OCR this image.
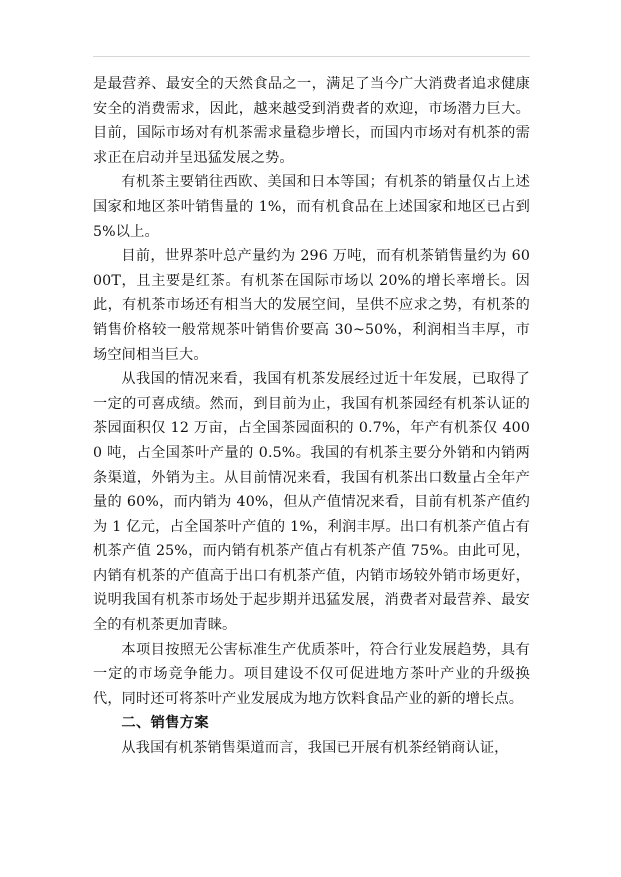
是最营养、最安全的天然食品之一，满足了当今广大消费者追求健康安全的消费需求，因此，越来越受到消费者的欢迎，市场潜力巨大。目前，国际市场对有机茶需求量稳步增长，而国内市场对有机茶的需求正在启动并呈迅猛发展之势。

有机茶主要销往西欧、美国和日本等国；有机茶的销量仅占上述国家和地区茶叶销售量的 1%，而有机食品在上述国家和地区已占到 5%以上。

目前，世界茶叶总产量约为 296 万吨，而有机茶销售量约为 6000T，且主要是红茶。有机茶在国际市场以 20%的增长率增长。因此，有机茶市场还有相当大的发展空间，呈供不应求之势，有机茶的销售价格较一般常规茶叶销售价要高 30~50%，利润相当丰厚，市场空间相当巨大。

从我国的情况来看，我国有机茶发展经过近十年发展，已取得了一定的可喜成绩。然而，到目前为止，我国有机茶园经有机茶认证的茶园面积仅 12 万亩，占全国茶园面积的 0.7%，年产有机茶仅 4000 吨，占全国茶叶产量的 0.5%。我国的有机茶主要分外销和内销两条渠道，外销为主。从目前情况来看，我国有机茶出口数量占全年产量的 60%，而内销为 40%，但从产值情况来看，目前有机茶产值约为 1 亿元，占全国茶叶产值的 1%，利润丰厚。出口有机茶产值占有机茶产值 25%，而内销有机茶产值占有机茶产值 75%。由此可见，内销有机茶的产值高于出口有机茶产值，内销市场较外销市场更好，说明我国有机茶市场处于起步期并迅猛发展，消费者对最营养、最安全的有机茶更加青睐。

本项目按照无公害标准生产优质茶叶，符合行业发展趋势，具有一定的市场竞争能力。项目建设不仅可促进地方茶叶产业的升级换代，同时还可将茶叶产业发展成为地方饮料食品产业的新的增长点。

二、销售方案

从我国有机茶销售渠道而言，我国已开展有机茶经销商认证，
